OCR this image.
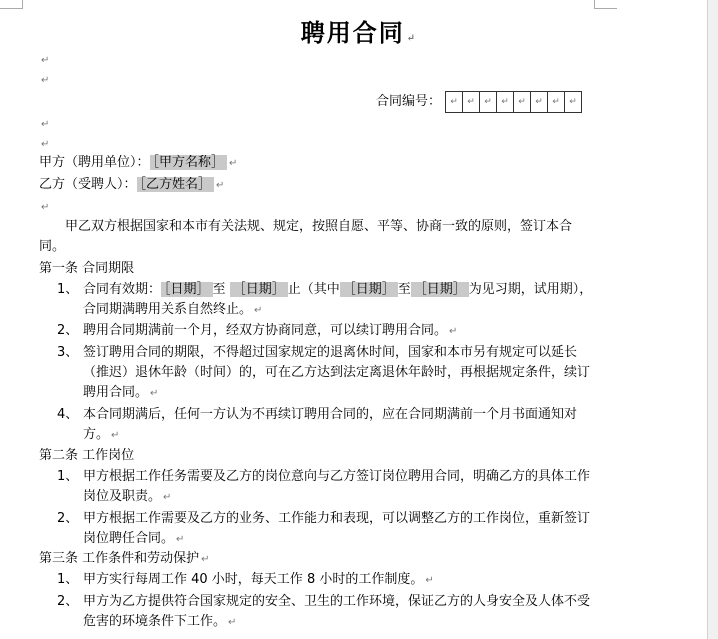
聘用合同 ↵
↵
↵
合同编号：	↵	↵	↵	↵	↵	↵	↵	↵
↵
↵
甲方（聘用单位）： ［甲方名称］ ↵
乙方（受聘人）： ［乙方姓名］ ↵
↵
甲乙双方根据国家和本市有关法规、规定，按照自愿、平等、协商一致的原则，签订本合同。
第一条 合同期限
1、 合同有效期： ［日期］ 至 ［日期］ 止（其中 ［日期］ 至 ［日期］ 为见习期，试用期），
合同期满聘用关系自然终止。 ↵
2、 聘用合同期满前一个月，经双方协商同意，可以续订聘用合同。 ↵
3、 签订聘用合同的期限，不得超过国家规定的退离休时间，国家和本市另有规定可以延长（推迟）退休年龄（时间）的，可在乙方达到法定离退休年龄时，再根据规定条件，续订聘用合同。 ↵
4、 本合同期满后，任何一方认为不再续订聘用合同的，应在合同期满前一个月书面通知对方。 ↵
第二条 工作岗位
1、 甲方根据工作任务需要及乙方的岗位意向与乙方签订岗位聘用合同，明确乙方的具体工作岗位及职责。 ↵
2、 甲方根据工作需要及乙方的业务、工作能力和表现，可以调整乙方的工作岗位，重新签订岗位聘任合同。 ↵
第三条 工作条件和劳动保护 ↵
1、 甲方实行每周工作 40 小时，每天工作 8 小时的工作制度。 ↵
2、 甲方为乙方提供符合国家规定的安全、卫生的工作环境，保证乙方的人身安全及人体不受危害的环境条件下工作。 ↵
